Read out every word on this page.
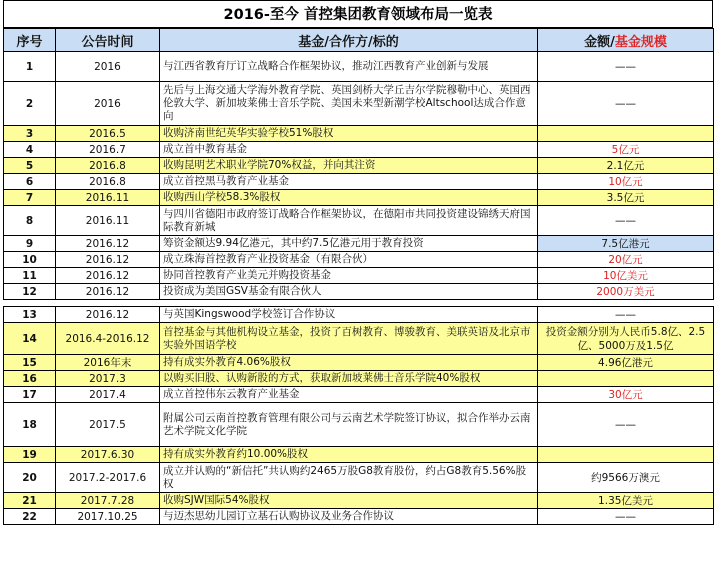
2016-至今 首控集团教育领域布局一览表
序号	公告时间	基金/合作方/标的	金额/基金规模
1	2016	与江西省教育厅订立战略合作框架协议，推动江西教育产业创新与发展	——
2	2016	先后与上海交通大学海外教育学院、英国剑桥大学丘吉尔学院穆勒中心、英国西伦敦大学、新加坡莱佛士音乐学院、美国未来型新潮学校Altschool达成合作意向	——
3	2016.5	收购济南世纪英华实验学校51%股权	
4	2016.7	成立首中教育基金	5亿元
5	2016.8	收购昆明艺术职业学院70%权益，并向其注资	2.1亿元
6	2016.8	成立首控黑马教育产业基金	10亿元
7	2016.11	收购西山学校58.3%股权	3.5亿元
8	2016.11	与四川省德阳市政府签订战略合作框架协议，在德阳市共同投资建设锦绣天府国际教育新城	——
9	2016.12	筹资金额达9.94亿港元，其中约7.5亿港元用于教育投资	7.5亿港元
10	2016.12	成立珠海首控教育产业投资基金（有限合伙）	20亿元
11	2016.12	协同首控教育产业美元并购投资基金	10亿美元
12	2016.12	投资成为美国GSV基金有限合伙人	2000万美元

13	2016.12	与英国Kingswood学校签订合作协议	——
14	2016.4-2016.12	首控基金与其他机构设立基金，投资了百树教育、博骏教育、美联英语及北京市实验外国语学校	投资金额分别为人民币5.8亿、2.5亿、5000万及1.5亿
15	2016年末	持有成实外教育4.06%股权	4.96亿港元
16	2017.3	以购买旧股、认购新股的方式，获取新加坡莱佛士音乐学院40%股权	
17	2017.4	成立首控伟东云教育产业基金	30亿元
18	2017.5	附属公司云南首控教育管理有限公司与云南艺术学院签订协议，拟合作举办云南艺术学院文化学院	——
19	2017.6.30	持有成实外教育约10.00%股权	
20	2017.2-2017.6	成立并认购的“新信托”共认购约2465万股G8教育股份，约占G8教育5.56%股权	约9566万澳元
21	2017.7.28	收购SJW国际54%股权	1.35亿美元
22	2017.10.25	与迈杰思幼儿园订立基石认购协议及业务合作协议	——
